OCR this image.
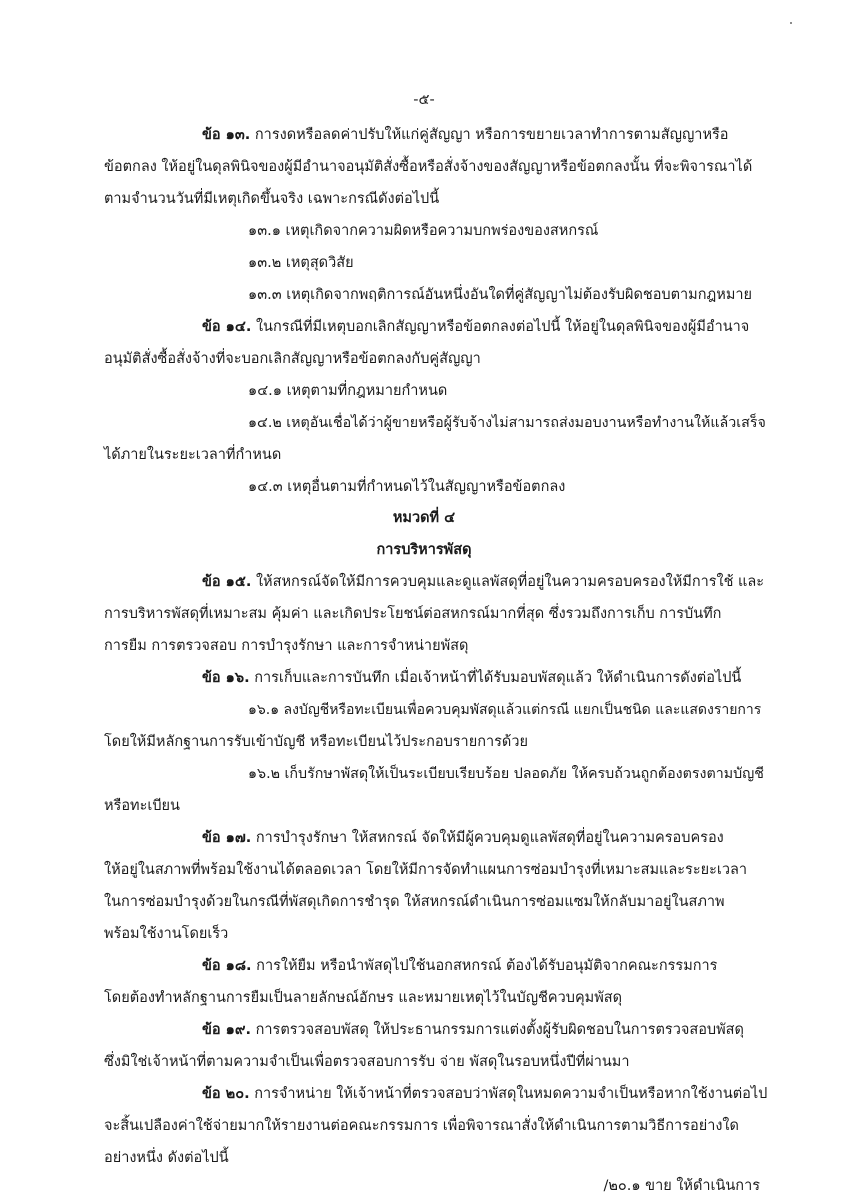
-๕-
ข้อ ๑๓. การงดหรือลดค่าปรับให้แก่คู่สัญญา หรือการขยายเวลาทำการตามสัญญาหรือ
ข้อตกลง ให้อยู่ในดุลพินิจของผู้มีอำนาจอนุมัติสั่งซื้อหรือสั่งจ้างของสัญญาหรือข้อตกลงนั้น ที่จะพิจารณาได้
ตามจำนวนวันที่มีเหตุเกิดขึ้นจริง เฉพาะกรณีดังต่อไปนี้
๑๓.๑ เหตุเกิดจากความผิดหรือความบกพร่องของสหกรณ์
๑๓.๒ เหตุสุดวิสัย
๑๓.๓ เหตุเกิดจากพฤติการณ์อันหนึ่งอันใดที่คู่สัญญาไม่ต้องรับผิดชอบตามกฎหมาย
ข้อ ๑๔. ในกรณีที่มีเหตุบอกเลิกสัญญาหรือข้อตกลงต่อไปนี้ ให้อยู่ในดุลพินิจของผู้มีอำนาจ
อนุมัติสั่งซื้อสั่งจ้างที่จะบอกเลิกสัญญาหรือข้อตกลงกับคู่สัญญา
๑๔.๑ เหตุตามที่กฎหมายกำหนด
๑๔.๒ เหตุอันเชื่อได้ว่าผู้ขายหรือผู้รับจ้างไม่สามารถส่งมอบงานหรือทำงานให้แล้วเสร็จ
ได้ภายในระยะเวลาที่กำหนด
๑๔.๓ เหตุอื่นตามที่กำหนดไว้ในสัญญาหรือข้อตกลง
หมวดที่ ๔
การบริหารพัสดุ
ข้อ ๑๕. ให้สหกรณ์จัดให้มีการควบคุมและดูแลพัสดุที่อยู่ในความครอบครองให้มีการใช้ และ
การบริหารพัสดุที่เหมาะสม คุ้มค่า และเกิดประโยชน์ต่อสหกรณ์มากที่สุด ซึ่งรวมถึงการเก็บ การบันทึก
การยืม การตรวจสอบ การบำรุงรักษา และการจำหน่ายพัสดุ
ข้อ ๑๖. การเก็บและการบันทึก เมื่อเจ้าหน้าที่ได้รับมอบพัสดุแล้ว ให้ดำเนินการดังต่อไปนี้
๑๖.๑ ลงบัญชีหรือทะเบียนเพื่อควบคุมพัสดุแล้วแต่กรณี แยกเป็นชนิด และแสดงรายการ
โดยให้มีหลักฐานการรับเข้าบัญชี หรือทะเบียนไว้ประกอบรายการด้วย
๑๖.๒ เก็บรักษาพัสดุให้เป็นระเบียบเรียบร้อย ปลอดภัย ให้ครบถ้วนถูกต้องตรงตามบัญชี
หรือทะเบียน
ข้อ ๑๗. การบำรุงรักษา ให้สหกรณ์ จัดให้มีผู้ควบคุมดูแลพัสดุที่อยู่ในความครอบครอง
ให้อยู่ในสภาพที่พร้อมใช้งานได้ตลอดเวลา โดยให้มีการจัดทำแผนการซ่อมบำรุงที่เหมาะสมและระยะเวลา
ในการซ่อมบำรุงด้วยในกรณีที่พัสดุเกิดการชำรุด ให้สหกรณ์ดำเนินการซ่อมแซมให้กลับมาอยู่ในสภาพ
พร้อมใช้งานโดยเร็ว
ข้อ ๑๘. การให้ยืม หรือนำพัสดุไปใช้นอกสหกรณ์ ต้องได้รับอนุมัติจากคณะกรรมการ
โดยต้องทำหลักฐานการยืมเป็นลายลักษณ์อักษร และหมายเหตุไว้ในบัญชีควบคุมพัสดุ
ข้อ ๑๙. การตรวจสอบพัสดุ ให้ประธานกรรมการแต่งตั้งผู้รับผิดชอบในการตรวจสอบพัสดุ
ซึ่งมิใช่เจ้าหน้าที่ตามความจำเป็นเพื่อตรวจสอบการรับ จ่าย พัสดุในรอบหนึ่งปีที่ผ่านมา
ข้อ ๒๐. การจำหน่าย ให้เจ้าหน้าที่ตรวจสอบว่าพัสดุในหมดความจำเป็นหรือหากใช้งานต่อไป
จะสิ้นเปลืองค่าใช้จ่ายมากให้รายงานต่อคณะกรรมการ เพื่อพิจารณาสั่งให้ดำเนินการตามวิธีการอย่างใด
อย่างหนึ่ง ดังต่อไปนี้
/๒๐.๑ ขาย ให้ดำเนินการ
